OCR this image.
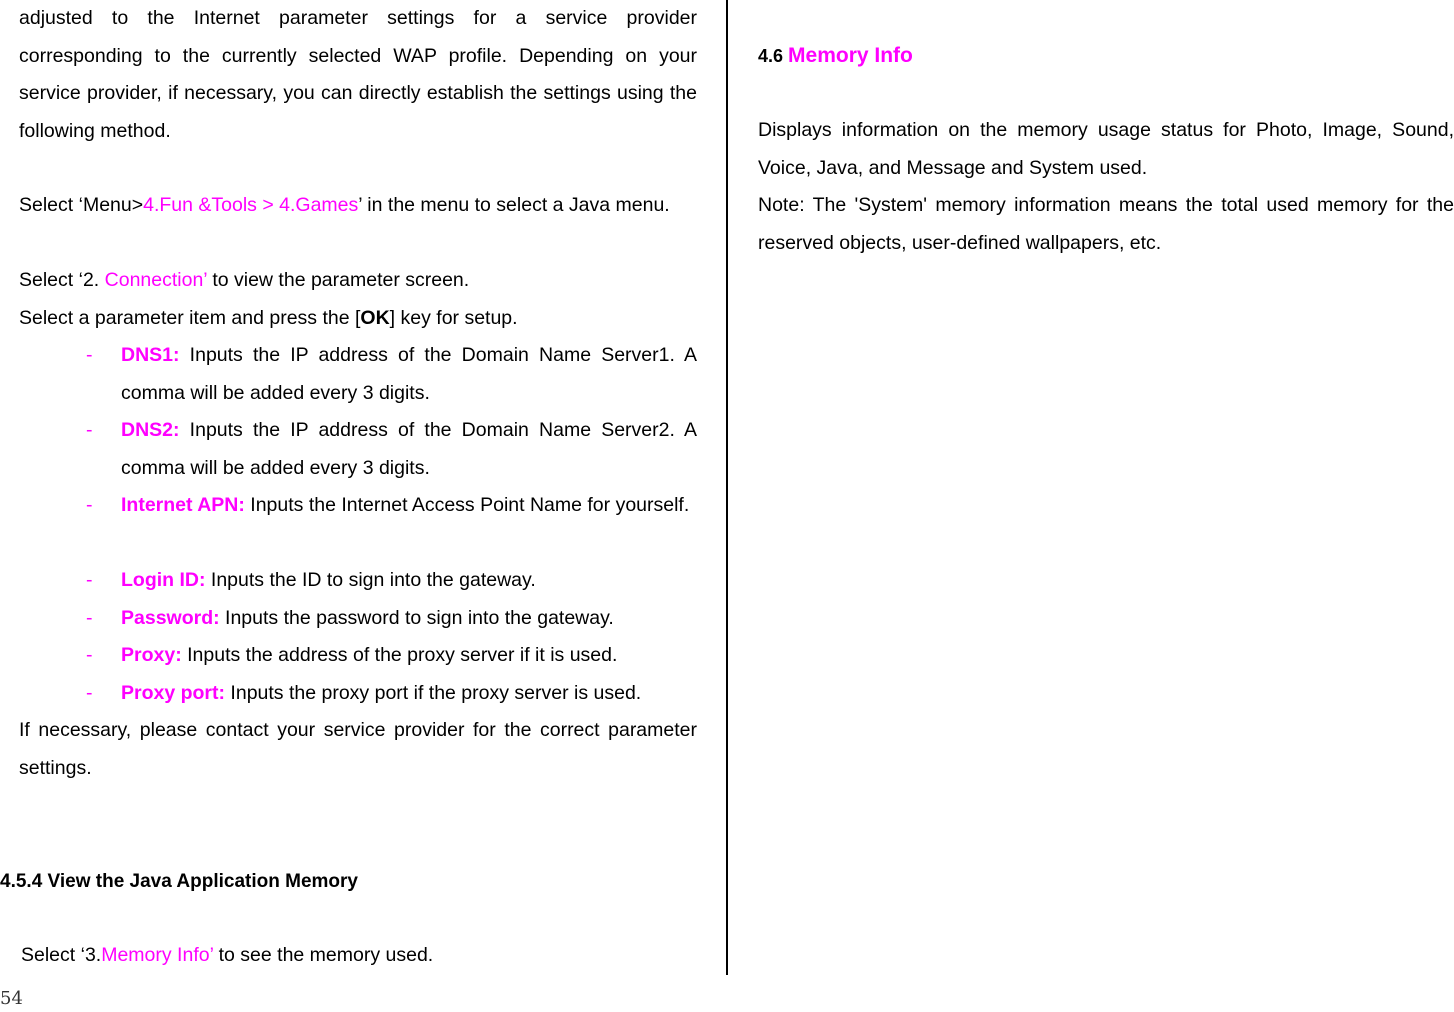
adjusted to the Internet parameter settings for a service provider corresponding to the currently selected WAP profile. Depending on your service provider, if necessary, you can directly establish the settings using the following method.
Select ‘Menu>4.Fun &Tools > 4.Games’ in the menu to select a Java menu.
Select ‘2. Connection’ to view the parameter screen.
Select a parameter item and press the [OK] key for setup.
- DNS1: Inputs the IP address of the Domain Name Server1. A comma will be added every 3 digits.
- DNS2: Inputs the IP address of the Domain Name Server2. A comma will be added every 3 digits.
- Internet APN: Inputs the Internet Access Point Name for yourself.
- Login ID: Inputs the ID to sign into the gateway.
- Password: Inputs the password to sign into the gateway.
- Proxy: Inputs the address of the proxy server if it is used.
- Proxy port: Inputs the proxy port if the proxy server is used.
If necessary, please contact your service provider for the correct parameter settings.
4.5.4 View the Java Application Memory
Select ‘3.Memory Info’ to see the memory used.
4.6 Memory Info
Displays information on the memory usage status for Photo, Image, Sound, Voice, Java, and Message and System used.
Note: The 'System' memory information means the total used memory for the reserved objects, user-defined wallpapers, etc.
54
